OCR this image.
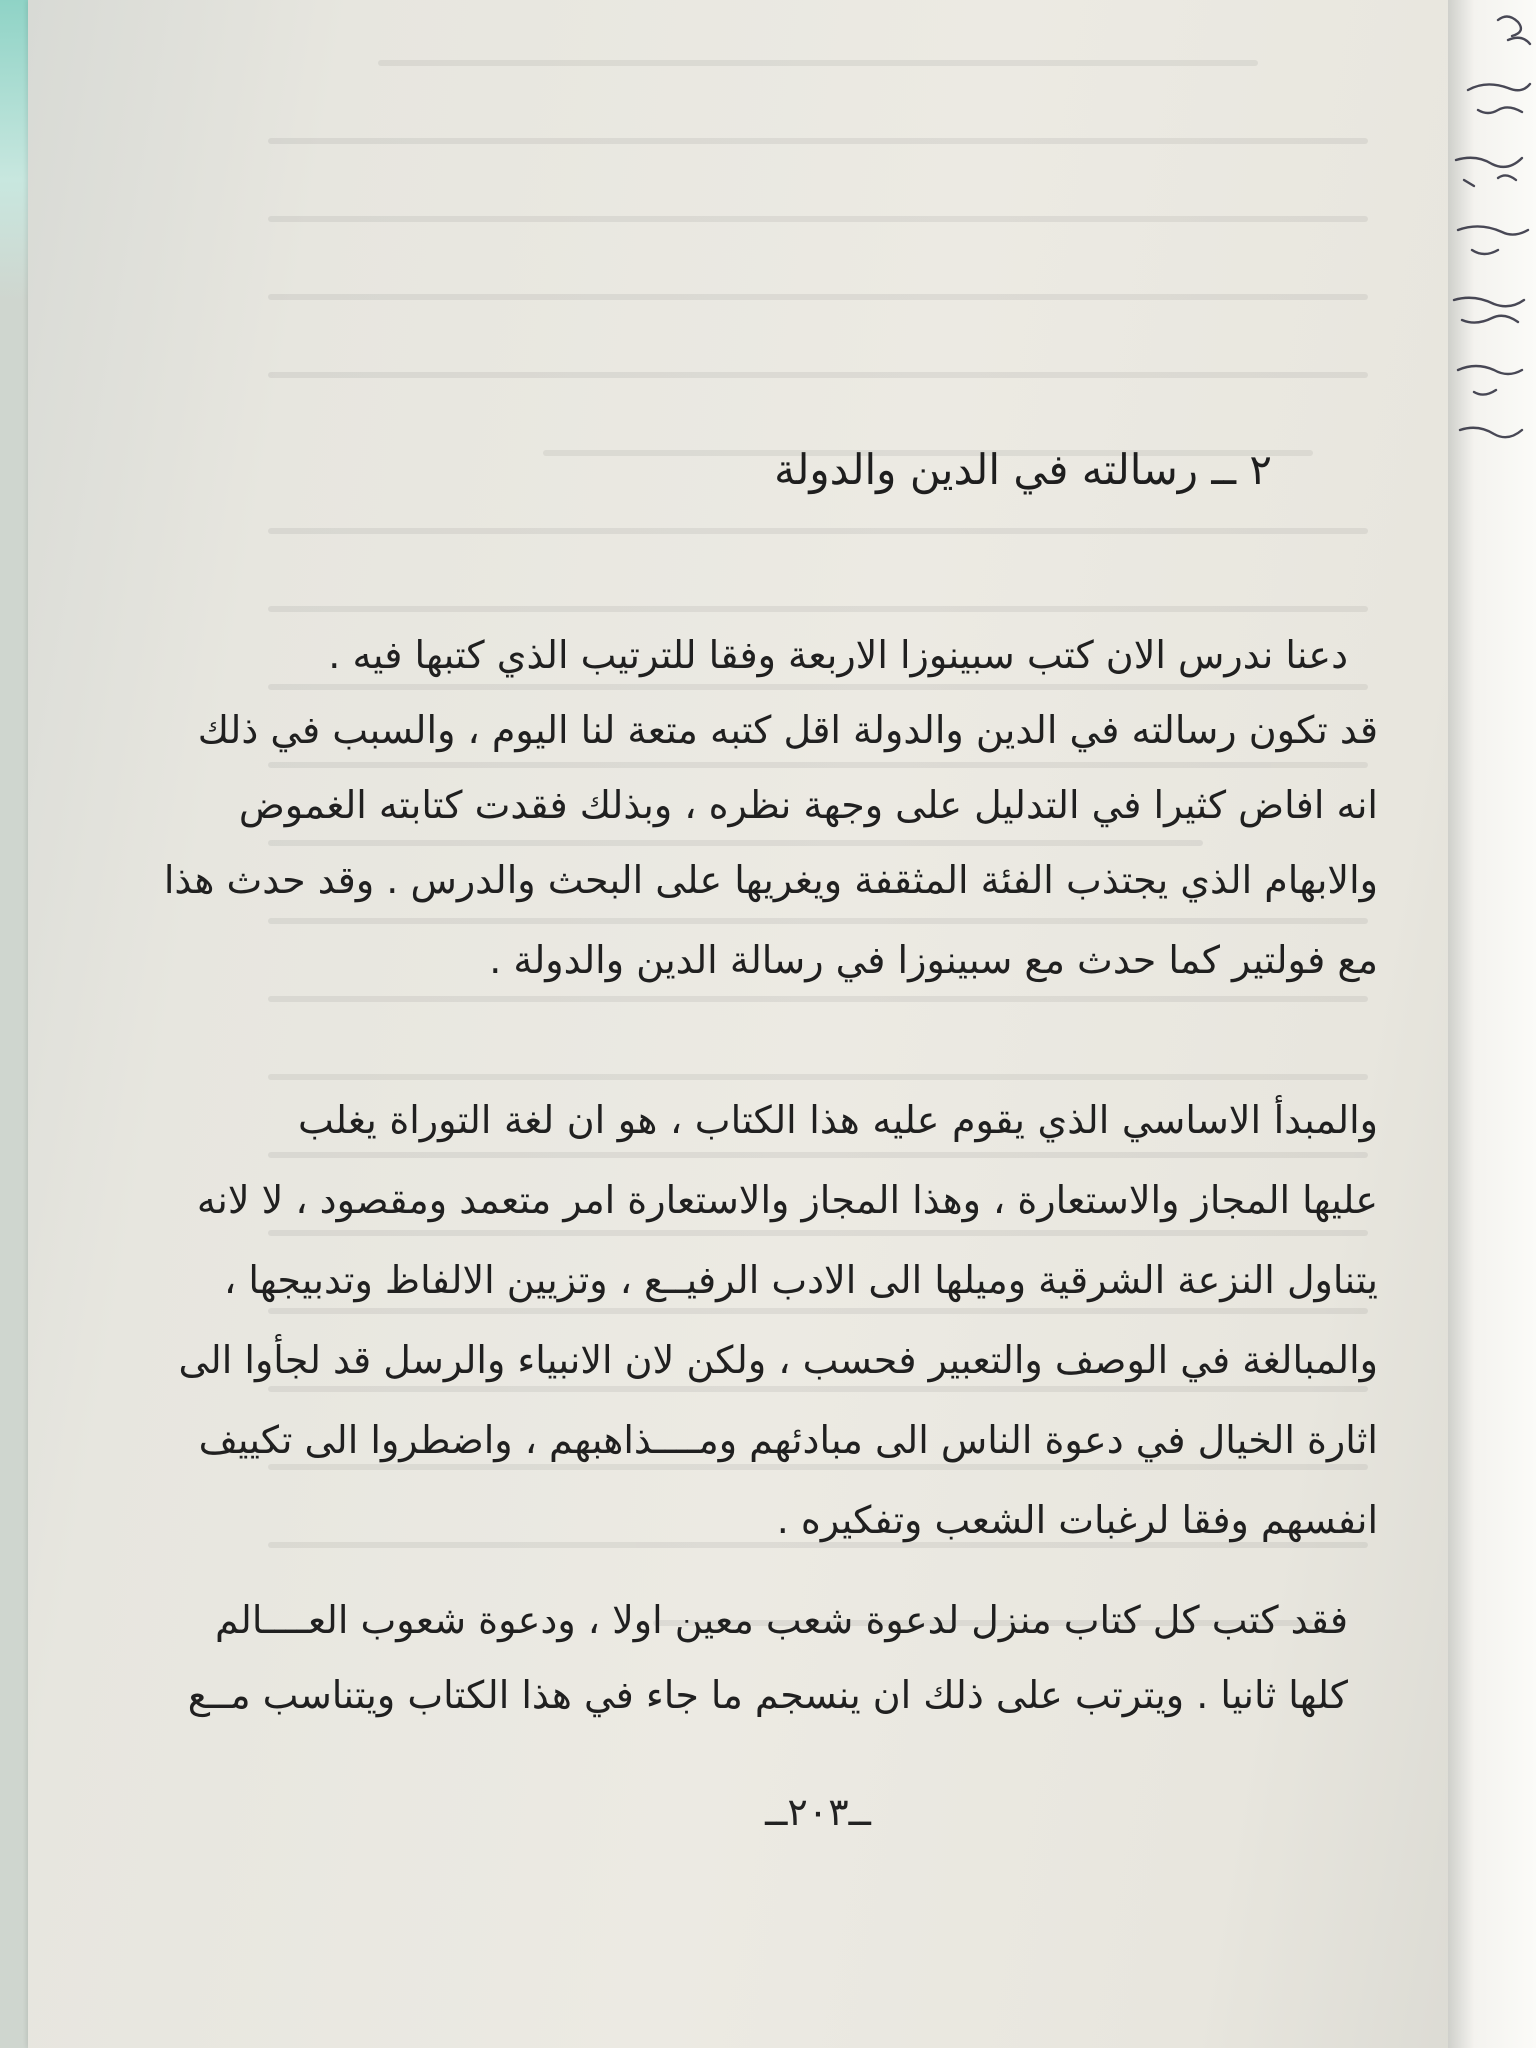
٢ ــ رسالته في الدين والدولة

دعنا ندرس الان كتب سبينوزا الاربعة وفقا للترتيب الذي كتبها فيه .

قد تكون رسالته في الدين والدولة اقل كتبه متعة لنا اليوم ، والسبب في ذلك

انه افاض كثيرا في التدليل على وجهة نظره ، وبذلك فقدت كتابته الغموض

والابهام الذي يجتذب الفئة المثقفة ويغريها على البحث والدرس . وقد حدث هذا

مع فولتير كما حدث مع سبينوزا في رسالة الدين والدولة .

والمبدأ الاساسي الذي يقوم عليه هذا الكتاب ، هو ان لغة التوراة يغلب

عليها المجاز والاستعارة ، وهذا المجاز والاستعارة امر متعمد ومقصود ، لا لانه

يتناول النزعة الشرقية وميلها الى الادب الرفيــع ، وتزيين الالفاظ وتدبيجها ،

والمبالغة في الوصف والتعبير فحسب ، ولكن لان الانبياء والرسل قد لجأوا الى

اثارة الخيال في دعوة الناس الى مبادئهم ومــــذاهبهم ، واضطروا الى تكييف

انفسهم وفقا لرغبات الشعب وتفكيره .

فقد كتب كل كتاب منزل لدعوة شعب معين اولا ، ودعوة شعوب العــــالم

كلها ثانيا . ويترتب على ذلك ان ينسجم ما جاء في هذا الكتاب ويتناسب مــع

ــ٢٠٣ــ
